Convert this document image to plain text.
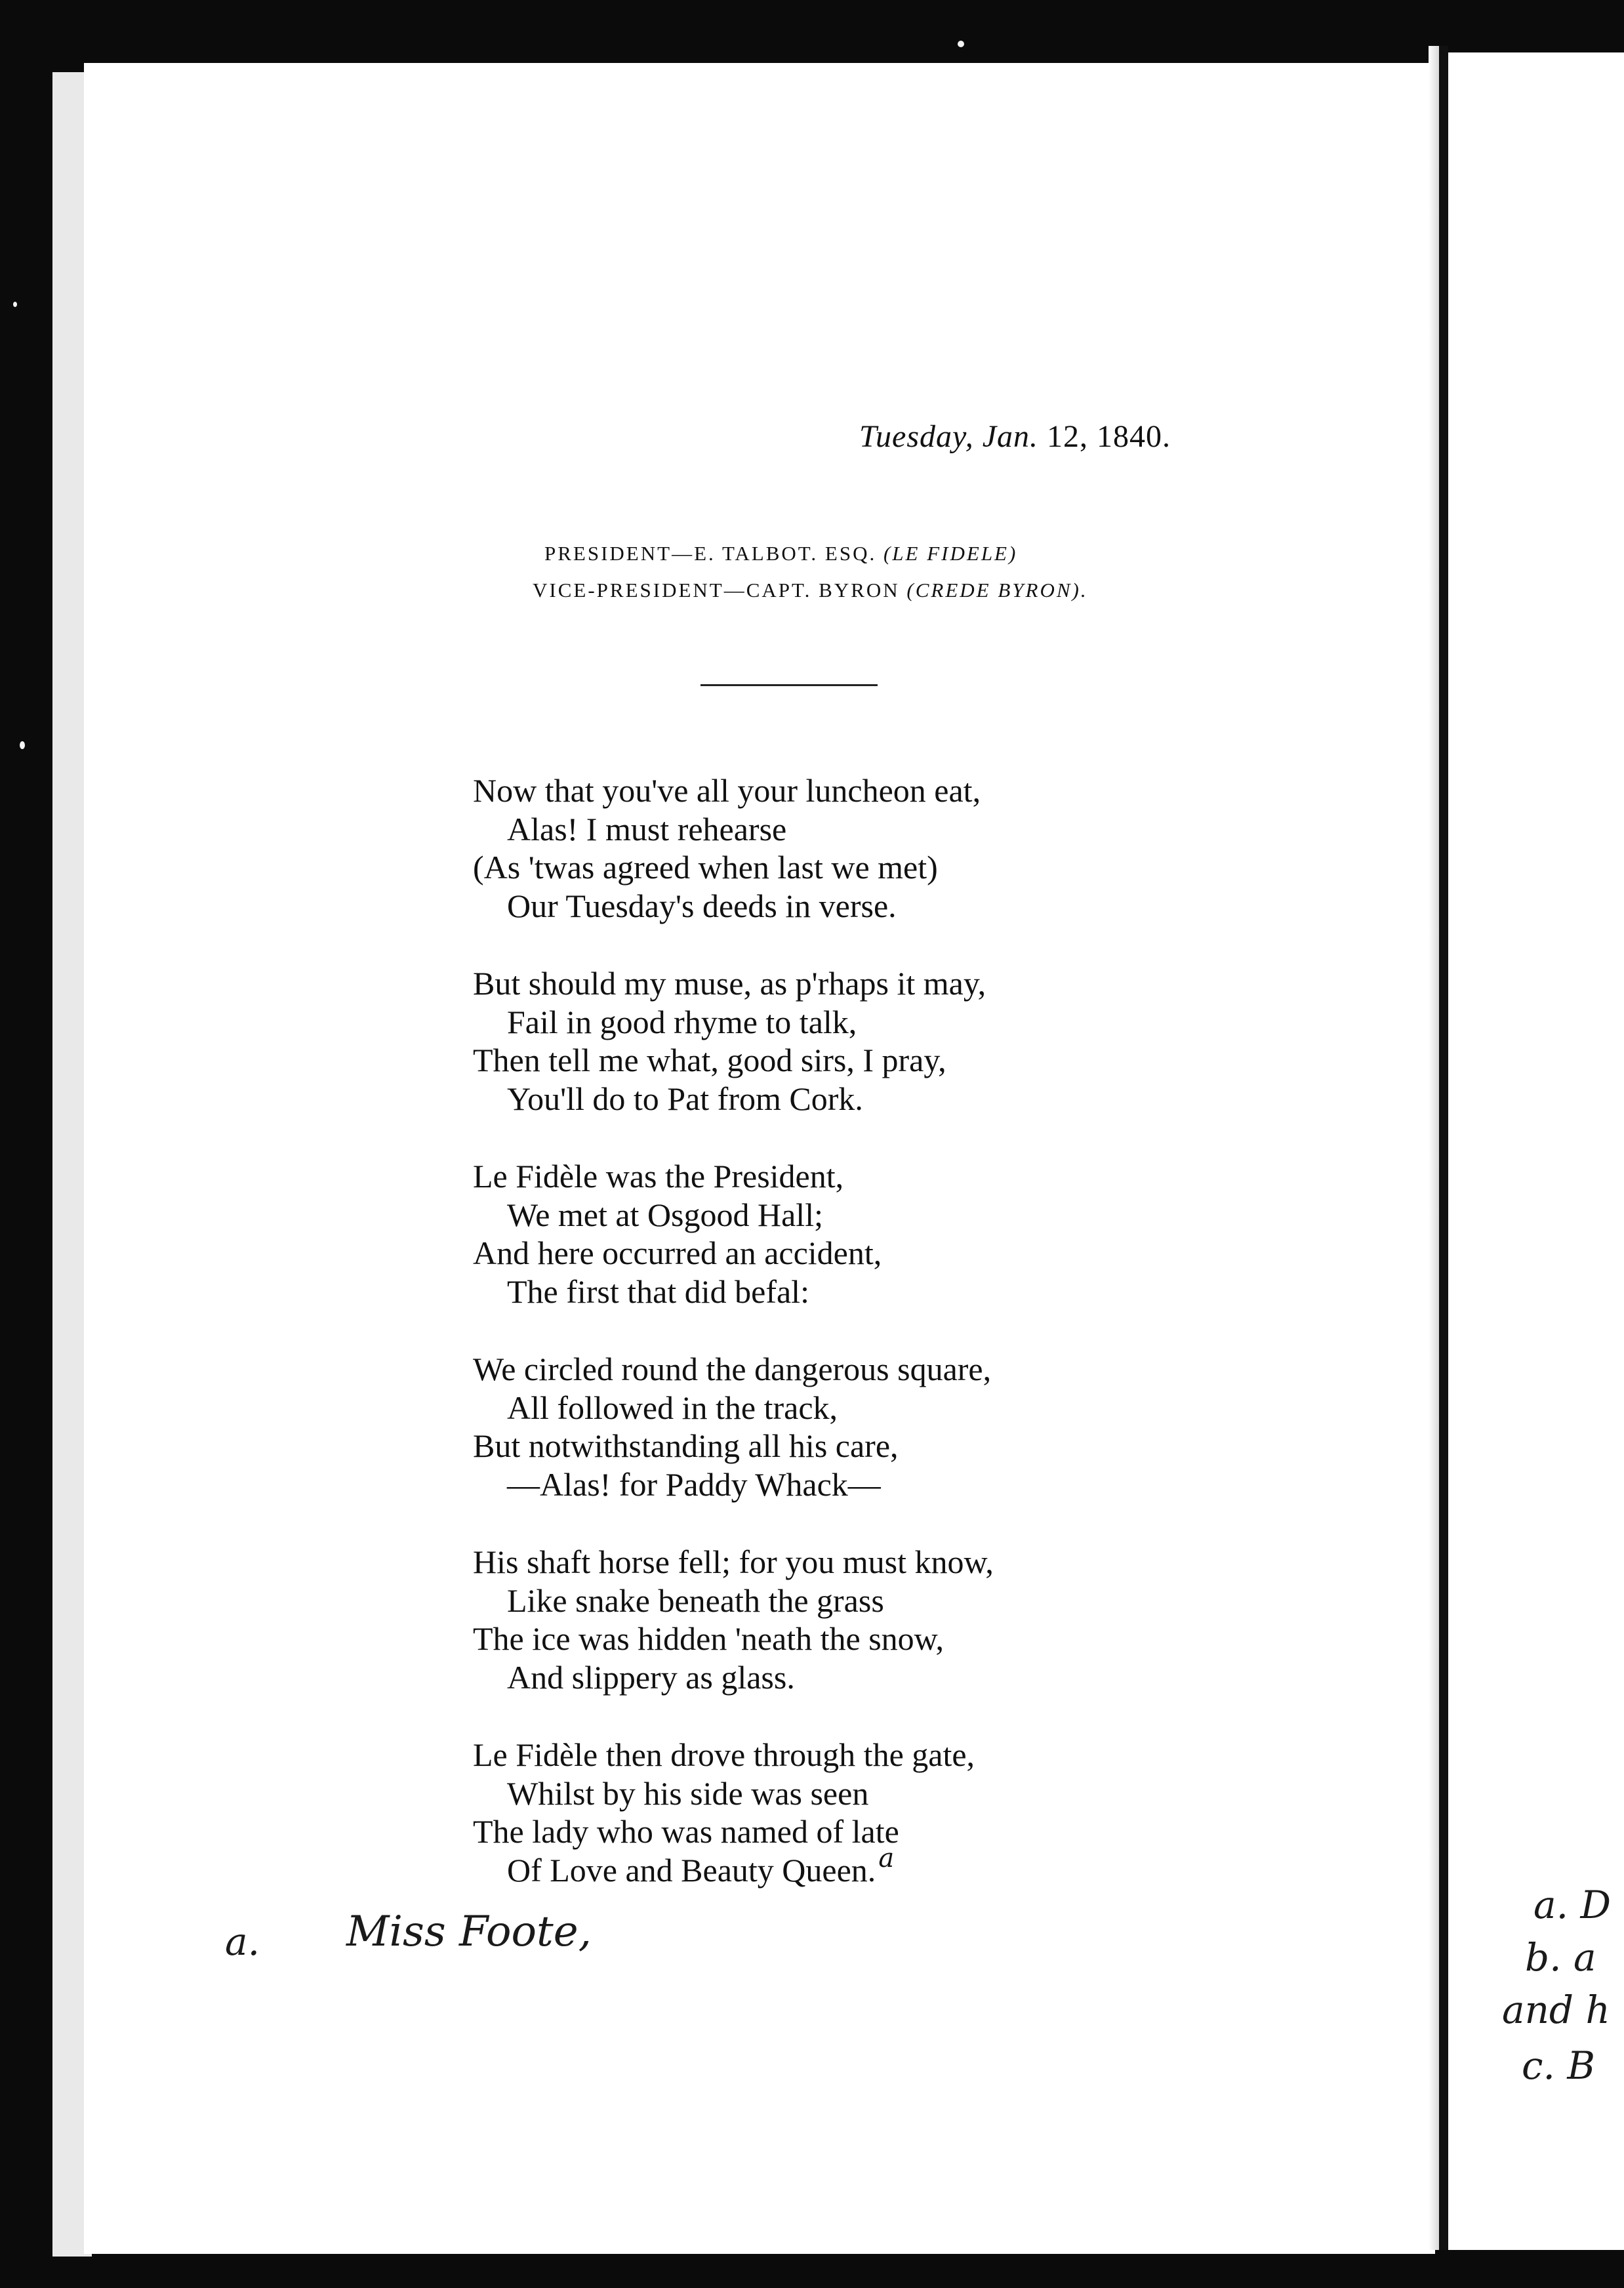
Tuesday, Jan. 12, 1840.
PRESIDENT—E. TALBOT. ESQ. (LE FIDELE)
VICE-PRESIDENT—CAPT. BYRON (CREDE BYRON).
Now that you've all your luncheon eat,
Alas! I must rehearse
(As 'twas agreed when last we met)
Our Tuesday's deeds in verse.
But should my muse, as p'rhaps it may,
Fail in good rhyme to talk,
Then tell me what, good sirs, I pray,
You'll do to Pat from Cork.
Le Fidèle was the President,
We met at Osgood Hall;
And here occurred an accident,
The first that did befal:
We circled round the dangerous square,
All followed in the track,
But notwithstanding all his care,
—Alas! for Paddy Whack—
His shaft horse fell; for you must know,
Like snake beneath the grass
The ice was hidden 'neath the snow,
And slippery as glass.
Le Fidèle then drove through the gate,
Whilst by his side was seen
The lady who was named of late
Of Love and Beauty Queen. $^a$
a. Miss Foote,
a. D
b. a
and h
c. B
